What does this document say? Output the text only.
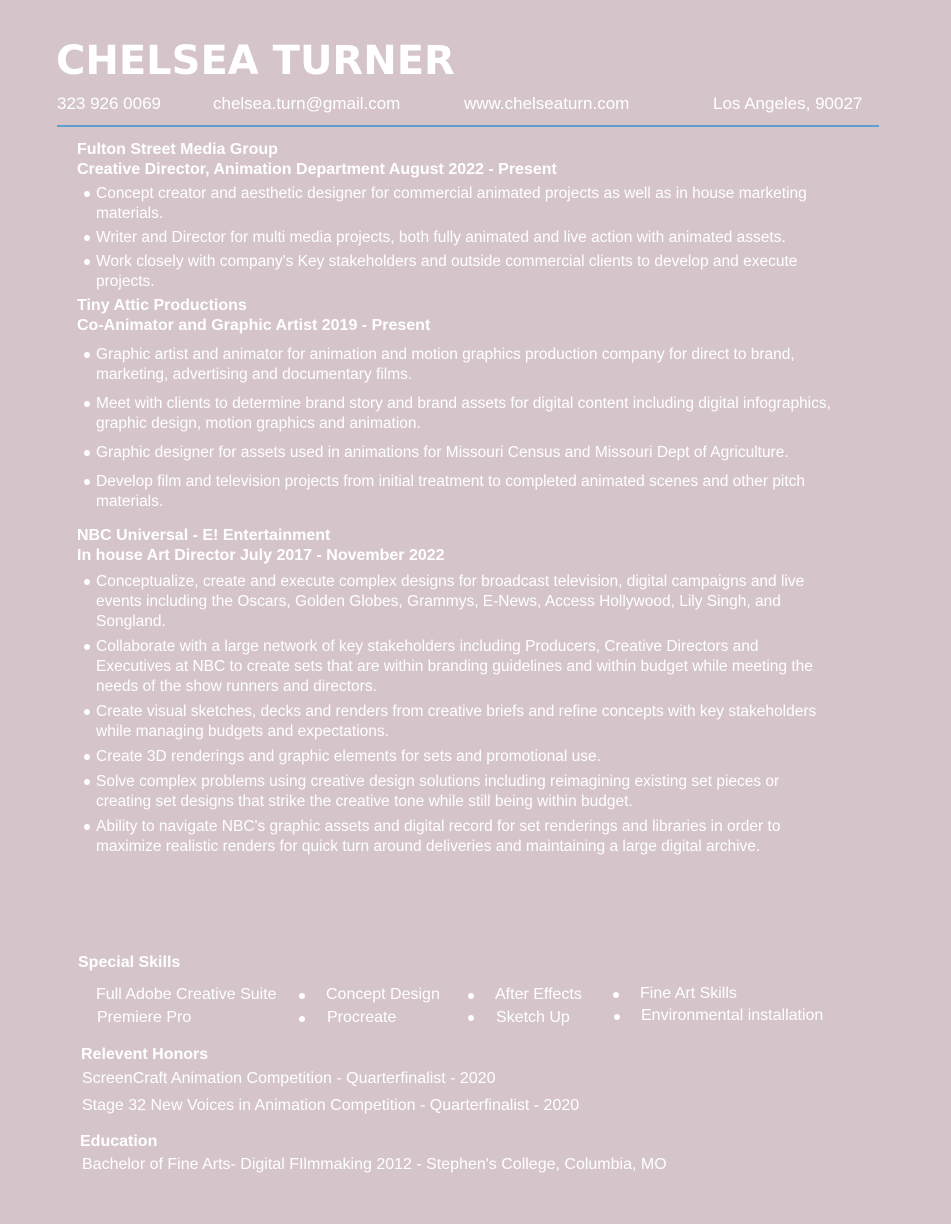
CHELSEA TURNER
323 926 0069	chelsea.turn@gmail.com	www.chelseaturn.com	Los Angeles, 90027
Fulton Street Media Group
Creative Director, Animation Department August 2022 - Present
Concept creator and aesthetic designer for commercial animated projects as well as in house marketing materials.
Writer and Director for multi media projects, both fully animated and live action with animated assets.
Work closely with company's Key stakeholders and outside commercial clients to develop and execute projects.
Tiny Attic Productions
Co-Animator and Graphic Artist 2019 - Present
Graphic artist and animator for animation and motion graphics production company for direct to brand, marketing, advertising and documentary films.
Meet with clients to determine brand story and brand assets for digital content including digital infographics, graphic design, motion graphics and animation.
Graphic designer for assets used in animations for Missouri Census and Missouri Dept of Agriculture.
Develop film and television projects from initial treatment to completed animated scenes and other pitch materials.
NBC Universal - E! Entertainment
In house Art Director July 2017 - November 2022
Conceptualize, create and execute complex designs for broadcast television, digital campaigns and live events including the Oscars, Golden Globes, Grammys, E-News, Access Hollywood, Lily Singh, and Songland.
Collaborate with a large network of key stakeholders including Producers, Creative Directors and Executives at NBC to create sets that are within branding guidelines and within budget while meeting the needs of the show runners and directors.
Create visual sketches, decks and renders from creative briefs and refine concepts with key stakeholders while managing budgets and expectations.
Create 3D renderings and graphic elements for sets and promotional use.
Solve complex problems using creative design solutions including reimagining existing set pieces or creating set designs that strike the creative tone while still being within budget.
Ability to navigate NBC's graphic assets and digital record for set renderings and libraries in order to maximize realistic renders for quick turn around deliveries and maintaining a large digital archive.
Special Skills
Full Adobe Creative Suite	Concept Design	After Effects	Fine Art Skills
Premiere Pro	Procreate	Sketch Up	Environmental installation
Relevent Honors
ScreenCraft Animation Competition - Quarterfinalist - 2020
Stage 32 New Voices in Animation Competition - Quarterfinalist - 2020
Education
Bachelor of Fine Arts- Digital FIlmmaking 2012 - Stephen's College, Columbia, MO
